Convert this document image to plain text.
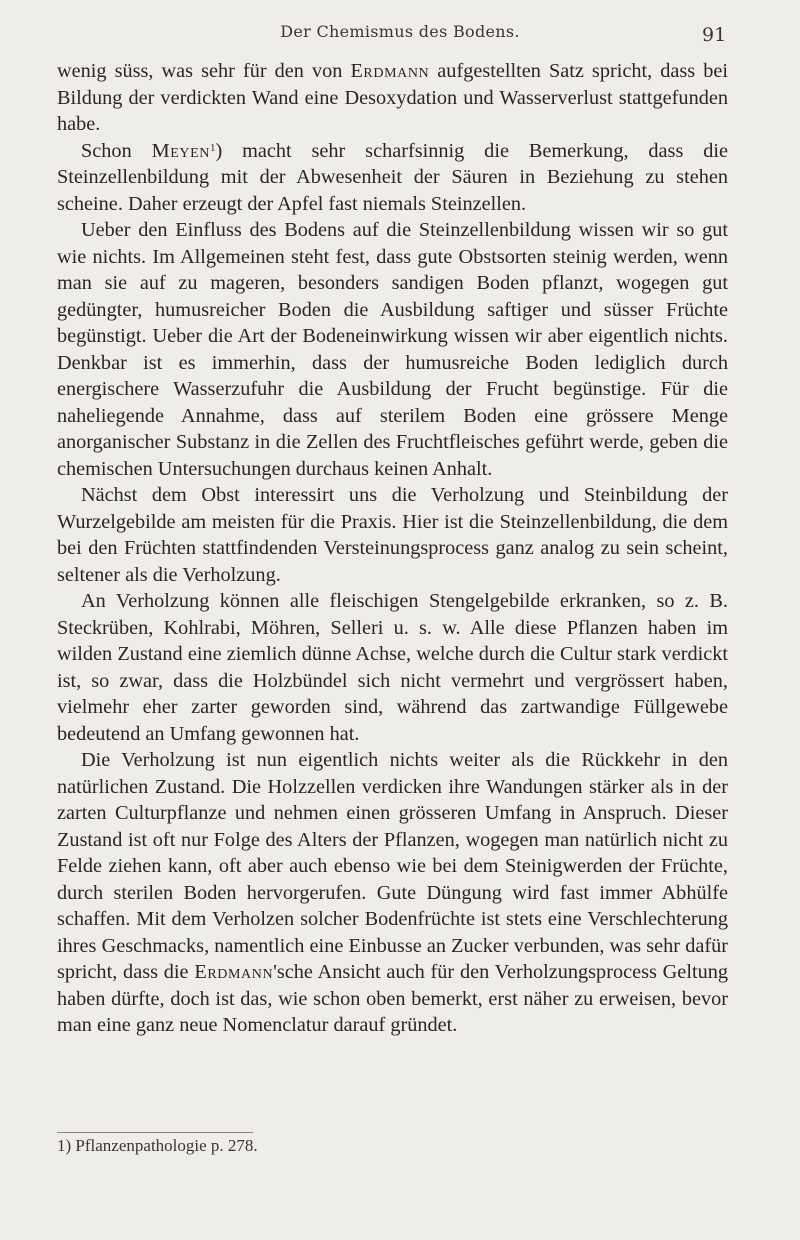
Der Chemismus des Bodens.	91

wenig süss, was sehr für den von Erdmann aufgestellten Satz spricht, dass bei Bildung der verdickten Wand eine Desoxydation und Wasserverlust stattgefunden habe.

Schon Meyen$^1$) macht sehr scharfsinnig die Bemerkung, dass die Steinzellenbildung mit der Abwesenheit der Säuren in Beziehung zu stehen scheine. Daher erzeugt der Apfel fast niemals Steinzellen.

Ueber den Einfluss des Bodens auf die Steinzellenbildung wissen wir so gut wie nichts. Im Allgemeinen steht fest, dass gute Obstsorten steinig werden, wenn man sie auf zu mageren, besonders sandigen Boden pflanzt, wogegen gut gedüngter, humusreicher Boden die Ausbildung saftiger und süsser Früchte begünstigt. Ueber die Art der Bodeneinwirkung wissen wir aber eigentlich nichts. Denkbar ist es immerhin, dass der humusreiche Boden lediglich durch energischere Wasserzufuhr die Ausbildung der Frucht begünstige. Für die naheliegende Annahme, dass auf sterilem Boden eine grössere Menge anorganischer Substanz in die Zellen des Fruchtfleisches geführt werde, geben die chemischen Untersuchungen durchaus keinen Anhalt.

Nächst dem Obst interessirt uns die Verholzung und Steinbildung der Wurzelgebilde am meisten für die Praxis. Hier ist die Steinzellenbildung, die dem bei den Früchten stattfindenden Versteinungsprocess ganz analog zu sein scheint, seltener als die Verholzung.

An Verholzung können alle fleischigen Stengelgebilde erkranken, so z. B. Steckrüben, Kohlrabi, Möhren, Selleri u. s. w. Alle diese Pflanzen haben im wilden Zustand eine ziemlich dünne Achse, welche durch die Cultur stark verdickt ist, so zwar, dass die Holzbündel sich nicht vermehrt und vergrössert haben, vielmehr eher zarter geworden sind, während das zartwandige Füllgewebe bedeutend an Umfang gewonnen hat.

Die Verholzung ist nun eigentlich nichts weiter als die Rückkehr in den natürlichen Zustand. Die Holzzellen verdicken ihre Wandungen stärker als in der zarten Culturpflanze und nehmen einen grösseren Umfang in Anspruch. Dieser Zustand ist oft nur Folge des Alters der Pflanzen, wogegen man natürlich nicht zu Felde ziehen kann, oft aber auch ebenso wie bei dem Steinigwerden der Früchte, durch sterilen Boden hervorgerufen. Gute Düngung wird fast immer Abhülfe schaffen. Mit dem Verholzen solcher Bodenfrüchte ist stets eine Verschlechterung ihres Geschmacks, namentlich eine Einbusse an Zucker verbunden, was sehr dafür spricht, dass die Erdmann'sche Ansicht auch für den Verholzungsprocess Geltung haben dürfte, doch ist das, wie schon oben bemerkt, erst näher zu erweisen, bevor man eine ganz neue Nomenclatur darauf gründet.

1) Pflanzenpathologie p. 278.
